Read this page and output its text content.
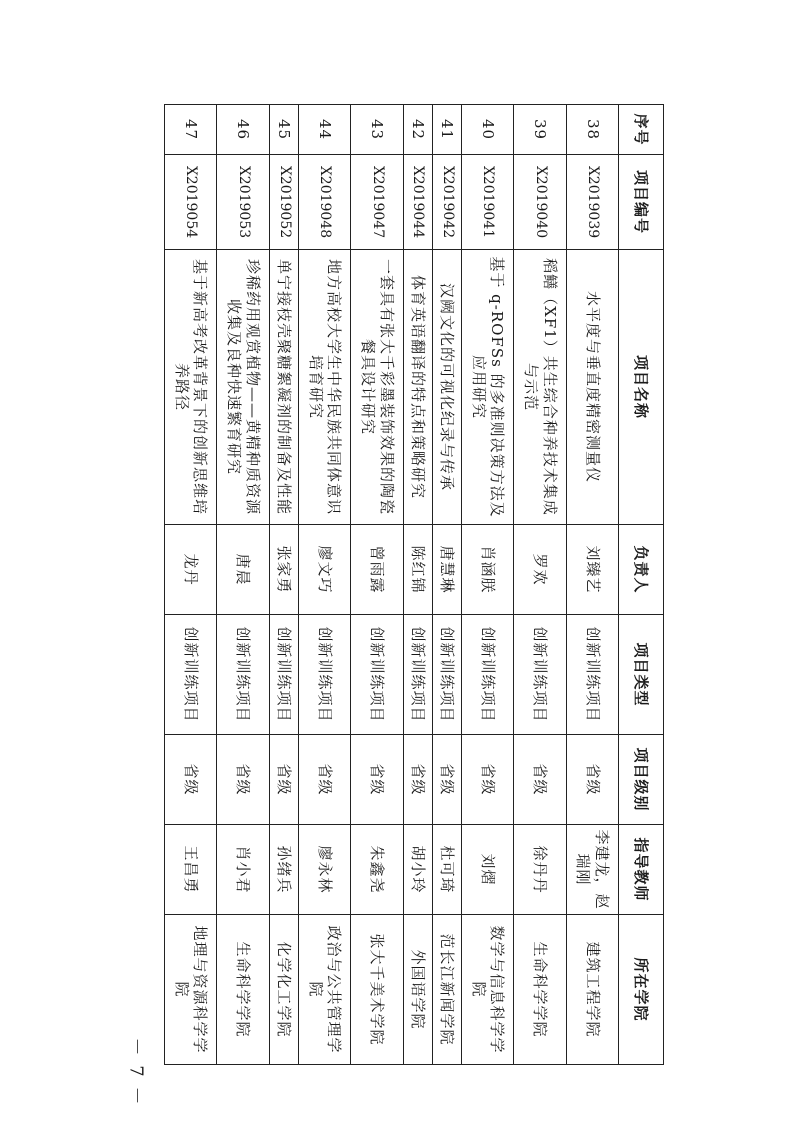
序号	项目编号	项目名称	负责人	项目类型	项目级别	指导教师	所在学院
38	X2019039	水平度与垂直度精密测量仪	刘臻艺	创新训练项目	省级	李建龙，赵瑞刚	建筑工程学院
39	X2019040	稻鳝（XF1）共生综合种养技术集成与示范	罗欢	创新训练项目	省级	徐丹丹	生命科学学院
40	X2019041	基于 q-ROFSs 的多准则决策方法及应用研究	肖涵朕	创新训练项目	省级	刘熠	数学与信息科学学院
41	X2019042	汉阙文化的可视化纪录与传承	唐慧琳	创新训练项目	省级	杜可琦	范长江新闻学院
42	X2019044	体育英语翻译的特点和策略研究	陈红锦	创新训练项目	省级	胡小玲	外国语学院
43	X2019047	一套具有张大千彩墨装饰效果的陶瓷餐具设计研究	曾雨露	创新训练项目	省级	朱鑫尧	张大千美术学院
44	X2019048	地方高校大学生中华民族共同体意识培育研究	廖文巧	创新训练项目	省级	廖永林	政治与公共管理学院
45	X2019052	单宁接枝壳聚糖絮凝剂的制备及性能	张家勇	创新训练项目	省级	孙绪兵	化学化工学院
46	X2019053	珍稀药用观赏植物——黄精种质资源收集及良种快速繁育研究	唐晨	创新训练项目	省级	肖小君	生命科学学院
47	X2019054	基于新高考改革背景下的创新思维培养路径	龙丹	创新训练项目	省级	王昌勇	地理与资源科学学院
－ 7 －
